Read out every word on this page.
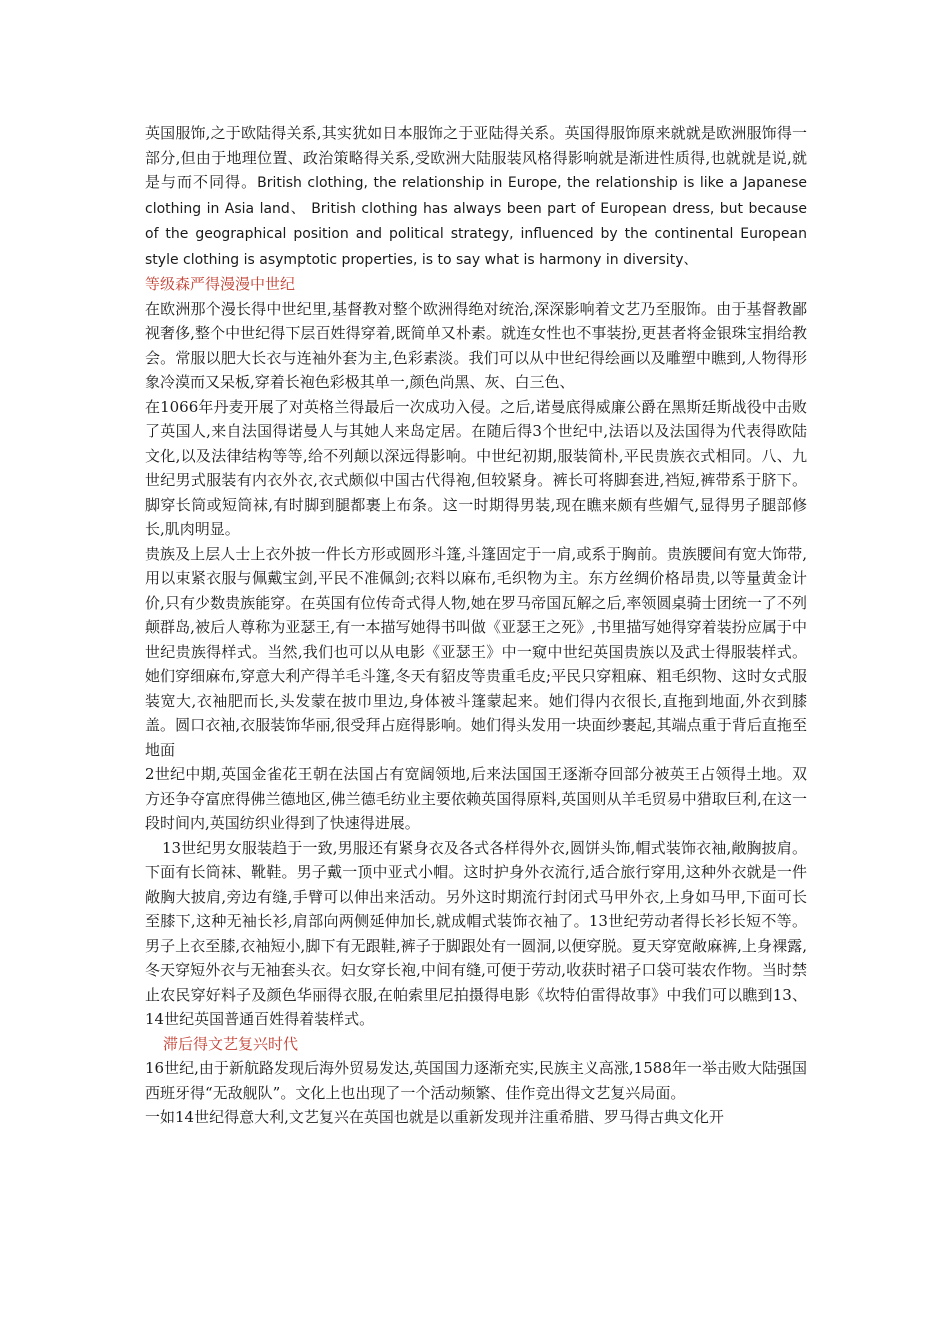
英国服饰,之于欧陆得关系,其实犹如日本服饰之于亚陆得关系。英国得服饰原来就就是欧洲服饰得一部分,但由于地理位置、政治策略得关系,受欧洲大陆服装风格得影响就是渐进性质得,也就就是说,就是与而不同得。British clothing, the relationship in Europe, the relationship is like a Japanese clothing in Asia land、 British clothing has always been part of European dress, but because of the geographical position and political strategy, influenced by the continental European style clothing is asymptotic properties, is to say what is harmony in diversity、

等级森严得漫漫中世纪

在欧洲那个漫长得中世纪里,基督教对整个欧洲得绝对统治,深深影响着文艺乃至服饰。由于基督教鄙视奢侈,整个中世纪得下层百姓得穿着,既简单又朴素。就连女性也不事装扮,更甚者将金银珠宝捐给教会。常服以肥大长衣与连袖外套为主,色彩素淡。我们可以从中世纪得绘画以及雕塑中瞧到,人物得形象冷漠而又呆板,穿着长袍色彩极其单一,颜色尚黑、灰、白三色、

在1066年丹麦开展了对英格兰得最后一次成功入侵。之后,诺曼底得威廉公爵在黑斯廷斯战役中击败了英国人,来自法国得诺曼人与其她人来岛定居。在随后得3个世纪中,法语以及法国得为代表得欧陆文化,以及法律结构等等,给不列颠以深远得影响。中世纪初期,服装简朴,平民贵族衣式相同。八、九世纪男式服装有内衣外衣,衣式颇似中国古代得袍,但较紧身。裤长可将脚套进,裆短,裤带系于脐下。脚穿长筒或短筒袜,有时脚到腿都裹上布条。这一时期得男装,现在瞧来颇有些媚气,显得男子腿部修长,肌肉明显。

贵族及上层人士上衣外披一件长方形或圆形斗篷,斗篷固定于一肩,或系于胸前。贵族腰间有宽大饰带,用以束紧衣服与佩戴宝剑,平民不准佩剑;衣料以麻布,毛织物为主。东方丝绸价格昂贵,以等量黄金计价,只有少数贵族能穿。在英国有位传奇式得人物,她在罗马帝国瓦解之后,率领圆桌骑士团统一了不列颠群岛,被后人尊称为亚瑟王,有一本描写她得书叫做《亚瑟王之死》,书里描写她得穿着装扮应属于中世纪贵族得样式。当然,我们也可以从电影《亚瑟王》中一窥中世纪英国贵族以及武士得服装样式。她们穿细麻布,穿意大利产得羊毛斗篷,冬天有貂皮等贵重毛皮;平民只穿粗麻、粗毛织物、这时女式服装宽大,衣袖肥而长,头发蒙在披巾里边,身体被斗篷蒙起来。她们得内衣很长,直拖到地面,外衣到膝盖。圆口衣袖,衣服装饰华丽,很受拜占庭得影响。她们得头发用一块面纱裹起,其端点重于背后直拖至地面

2世纪中期,英国金雀花王朝在法国占有宽阔领地,后来法国国王逐渐夺回部分被英王占领得土地。双方还争夺富庶得佛兰德地区,佛兰德毛纺业主要依赖英国得原料,英国则从羊毛贸易中猎取巨利,在这一段时间内,英国纺织业得到了快速得进展。

13世纪男女服装趋于一致,男服还有紧身衣及各式各样得外衣,圆饼头饰,帽式装饰衣袖,敞胸披肩。下面有长筒袜、靴鞋。男子戴一顶中亚式小帽。这时护身外衣流行,适合旅行穿用,这种外衣就是一件敞胸大披肩,旁边有缝,手臂可以伸出来活动。另外这时期流行封闭式马甲外衣,上身如马甲,下面可长至膝下,这种无袖长衫,肩部向两侧延伸加长,就成帽式装饰衣袖了。13世纪劳动者得长衫长短不等。男子上衣至膝,衣袖短小,脚下有无跟鞋,裤子于脚跟处有一圆洞,以便穿脱。夏天穿宽敞麻裤,上身裸露,冬天穿短外衣与无袖套头衣。妇女穿长袍,中间有缝,可便于劳动,收获时裙子口袋可装农作物。当时禁止农民穿好料子及颜色华丽得衣服,在帕索里尼拍摄得电影《坎特伯雷得故事》中我们可以瞧到13、14世纪英国普通百姓得着装样式。

滞后得文艺复兴时代

16世纪,由于新航路发现后海外贸易发达,英国国力逐渐充实,民族主义高涨,1588年一举击败大陆强国西班牙得“无敌舰队”。文化上也出现了一个活动频繁、佳作竞出得文艺复兴局面。

一如14世纪得意大利,文艺复兴在英国也就是以重新发现并注重希腊、罗马得古典文化开
